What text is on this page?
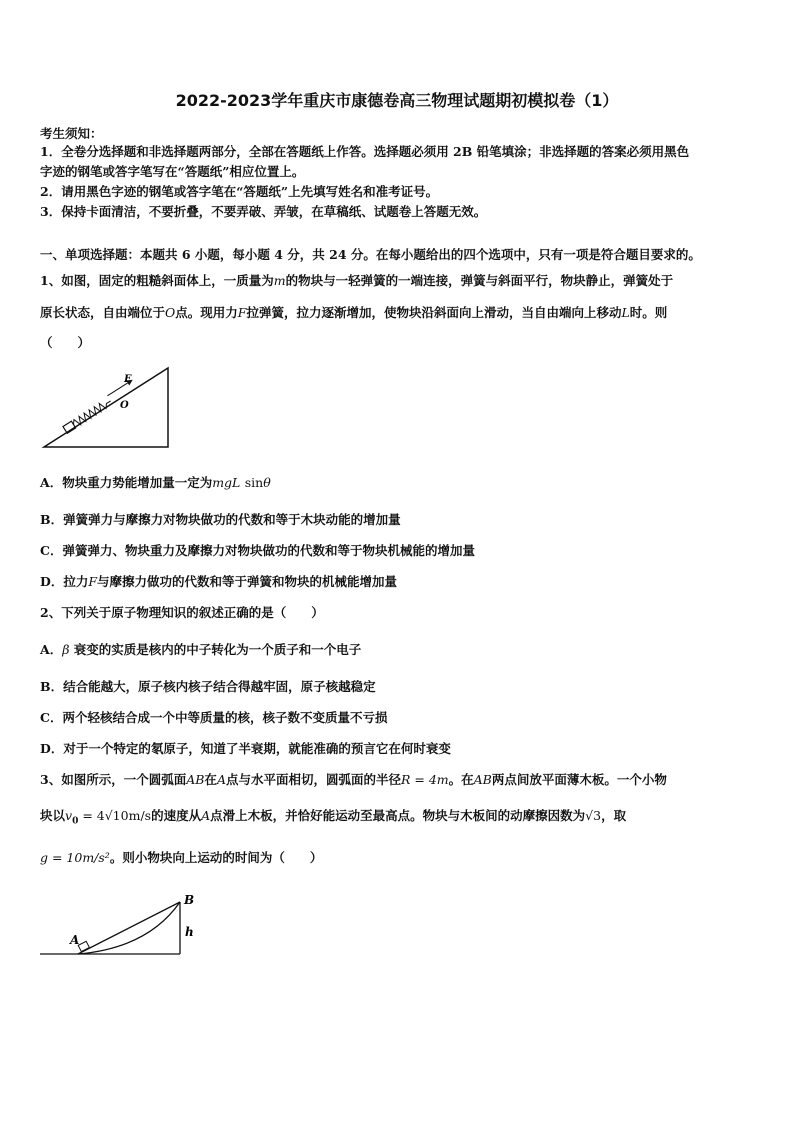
2022-2023学年重庆市康德卷高三物理试题期初模拟卷（1）
考生须知：
1．全卷分选择题和非选择题两部分，全部在答题纸上作答。选择题必须用 2B 铅笔填涂；非选择题的答案必须用黑色
字迹的钢笔或答字笔写在“答题纸”相应位置上。
2．请用黑色字迹的钢笔或答字笔在“答题纸”上先填写姓名和准考证号。
3．保持卡面清洁，不要折叠，不要弄破、弄皱，在草稿纸、试题卷上答题无效。
一、单项选择题：本题共 6 小题，每小题 4 分，共 24 分。在每小题给出的四个选项中，只有一项是符合题目要求的。
1、如图，固定的粗糙斜面体上，一质量为m的物块与一轻弹簧的一端连接，弹簧与斜面平行，物块静止，弹簧处于
原长状态，自由端位于O点。现用力F拉弹簧，拉力逐渐增加，使物块沿斜面向上滑动，当自由端向上移动L时。则
（　　）
F
O
A．物块重力势能增加量一定为mgL sinθ
B．弹簧弹力与摩擦力对物块做功的代数和等于木块动能的增加量
C．弹簧弹力、物块重力及摩擦力对物块做功的代数和等于物块机械能的增加量
D．拉力F与摩擦力做功的代数和等于弹簧和物块的机械能增加量
2、下列关于原子物理知识的叙述正确的是（　　）
A．β 衰变的实质是核内的中子转化为一个质子和一个电子
B．结合能越大，原子核内核子结合得越牢固，原子核越稳定
C．两个轻核结合成一个中等质量的核，核子数不变质量不亏损
D．对于一个特定的氡原子，知道了半衰期，就能准确的预言它在何时衰变
3、如图所示，一个圆弧面AB在A点与水平面相切，圆弧面的半径R = 4m。在AB两点间放平面薄木板。一个小物
块以$v_0 = 4√10m/s$的速度从A点滑上木板，并恰好能运动至最高点。物块与木板间的动摩擦因数为√3，取
g = 10m/s²。则小物块向上运动的时间为（　　）
A
B
h
